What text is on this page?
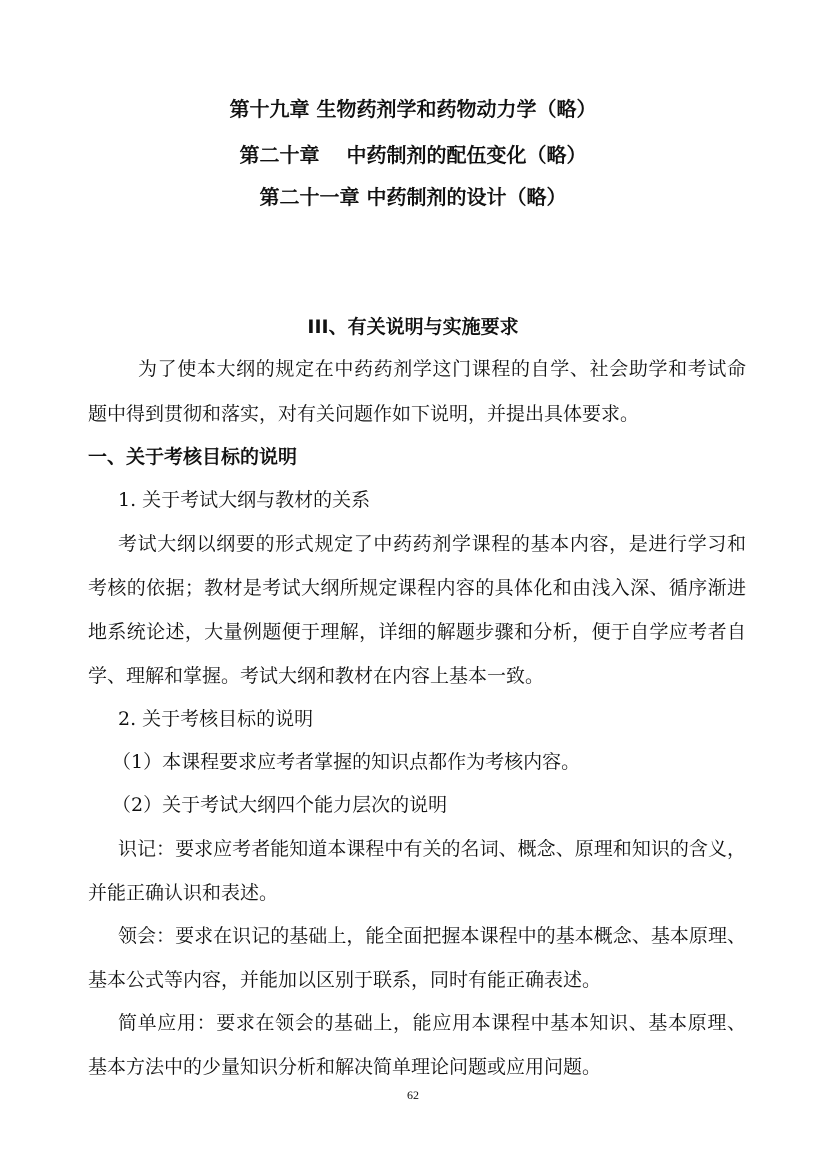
第十九章 生物药剂学和药物动力学（略）
第二十章　 中药制剂的配伍变化（略）
第二十一章 中药制剂的设计（略）
III、有关说明与实施要求
为了使本大纲的规定在中药药剂学这门课程的自学、社会助学和考试命
题中得到贯彻和落实，对有关问题作如下说明，并提出具体要求。
一、关于考核目标的说明
1. 关于考试大纲与教材的关系
考试大纲以纲要的形式规定了中药药剂学课程的基本内容，是进行学习和
考核的依据；教材是考试大纲所规定课程内容的具体化和由浅入深、循序渐进
地系统论述，大量例题便于理解，详细的解题步骤和分析，便于自学应考者自
学、理解和掌握。考试大纲和教材在内容上基本一致。
2. 关于考核目标的说明
（1）本课程要求应考者掌握的知识点都作为考核内容。
（2）关于考试大纲四个能力层次的说明
识记：要求应考者能知道本课程中有关的名词、概念、原理和知识的含义，
并能正确认识和表述。
领会：要求在识记的基础上，能全面把握本课程中的基本概念、基本原理、
基本公式等内容，并能加以区别于联系，同时有能正确表述。
简单应用：要求在领会的基础上，能应用本课程中基本知识、基本原理、
基本方法中的少量知识分析和解决简单理论问题或应用问题。
62
